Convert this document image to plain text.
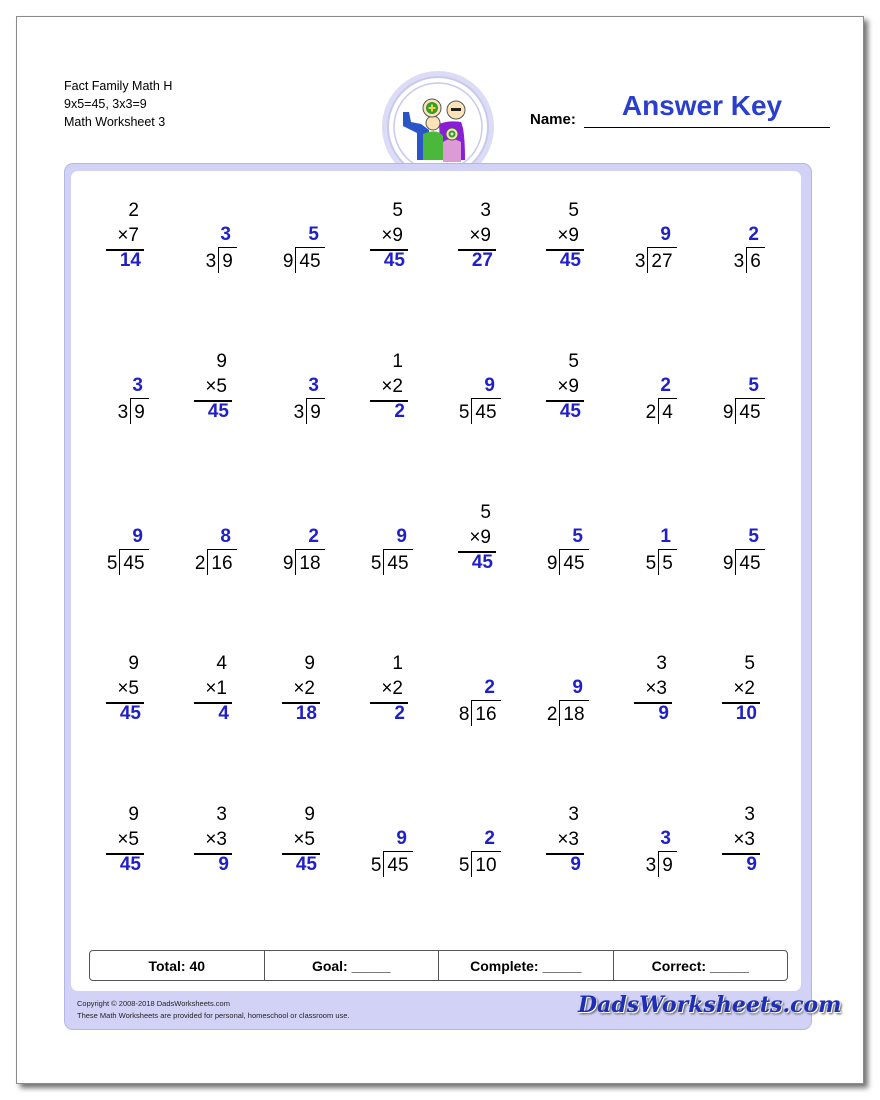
Fact Family Math H
9x5=45, 3x3=9
Math Worksheet 3	Name:	Answer Key
Total: 40	Goal: _____	Complete: _____	Correct: _____
Copyright © 2008-2018 DadsWorksheets.com
These Math Worksheets are provided for personal, homeschool or classroom use.	DadsWorksheets.com
2
×7
14
3
3 9
5
9 45
5
×9
45
3
×9
27
5
×9
45
9
3 27
2
3 6
3
3 9
9
×5
45
3
3 9
1
×2
2
9
5 45
5
×9
45
2
2 4
5
9 45
9
5 45
8
2 16
2
9 18
9
5 45
5
×9
45
5
9 45
1
5 5
5
9 45
9
×5
45
4
×1
4
9
×2
18
1
×2
2
2
8 16
9
2 18
3
×3
9
5
×2
10
9
×5
45
3
×3
9
9
×5
45
9
5 45
2
5 10
3
×3
9
3
3 9
3
×3
9
